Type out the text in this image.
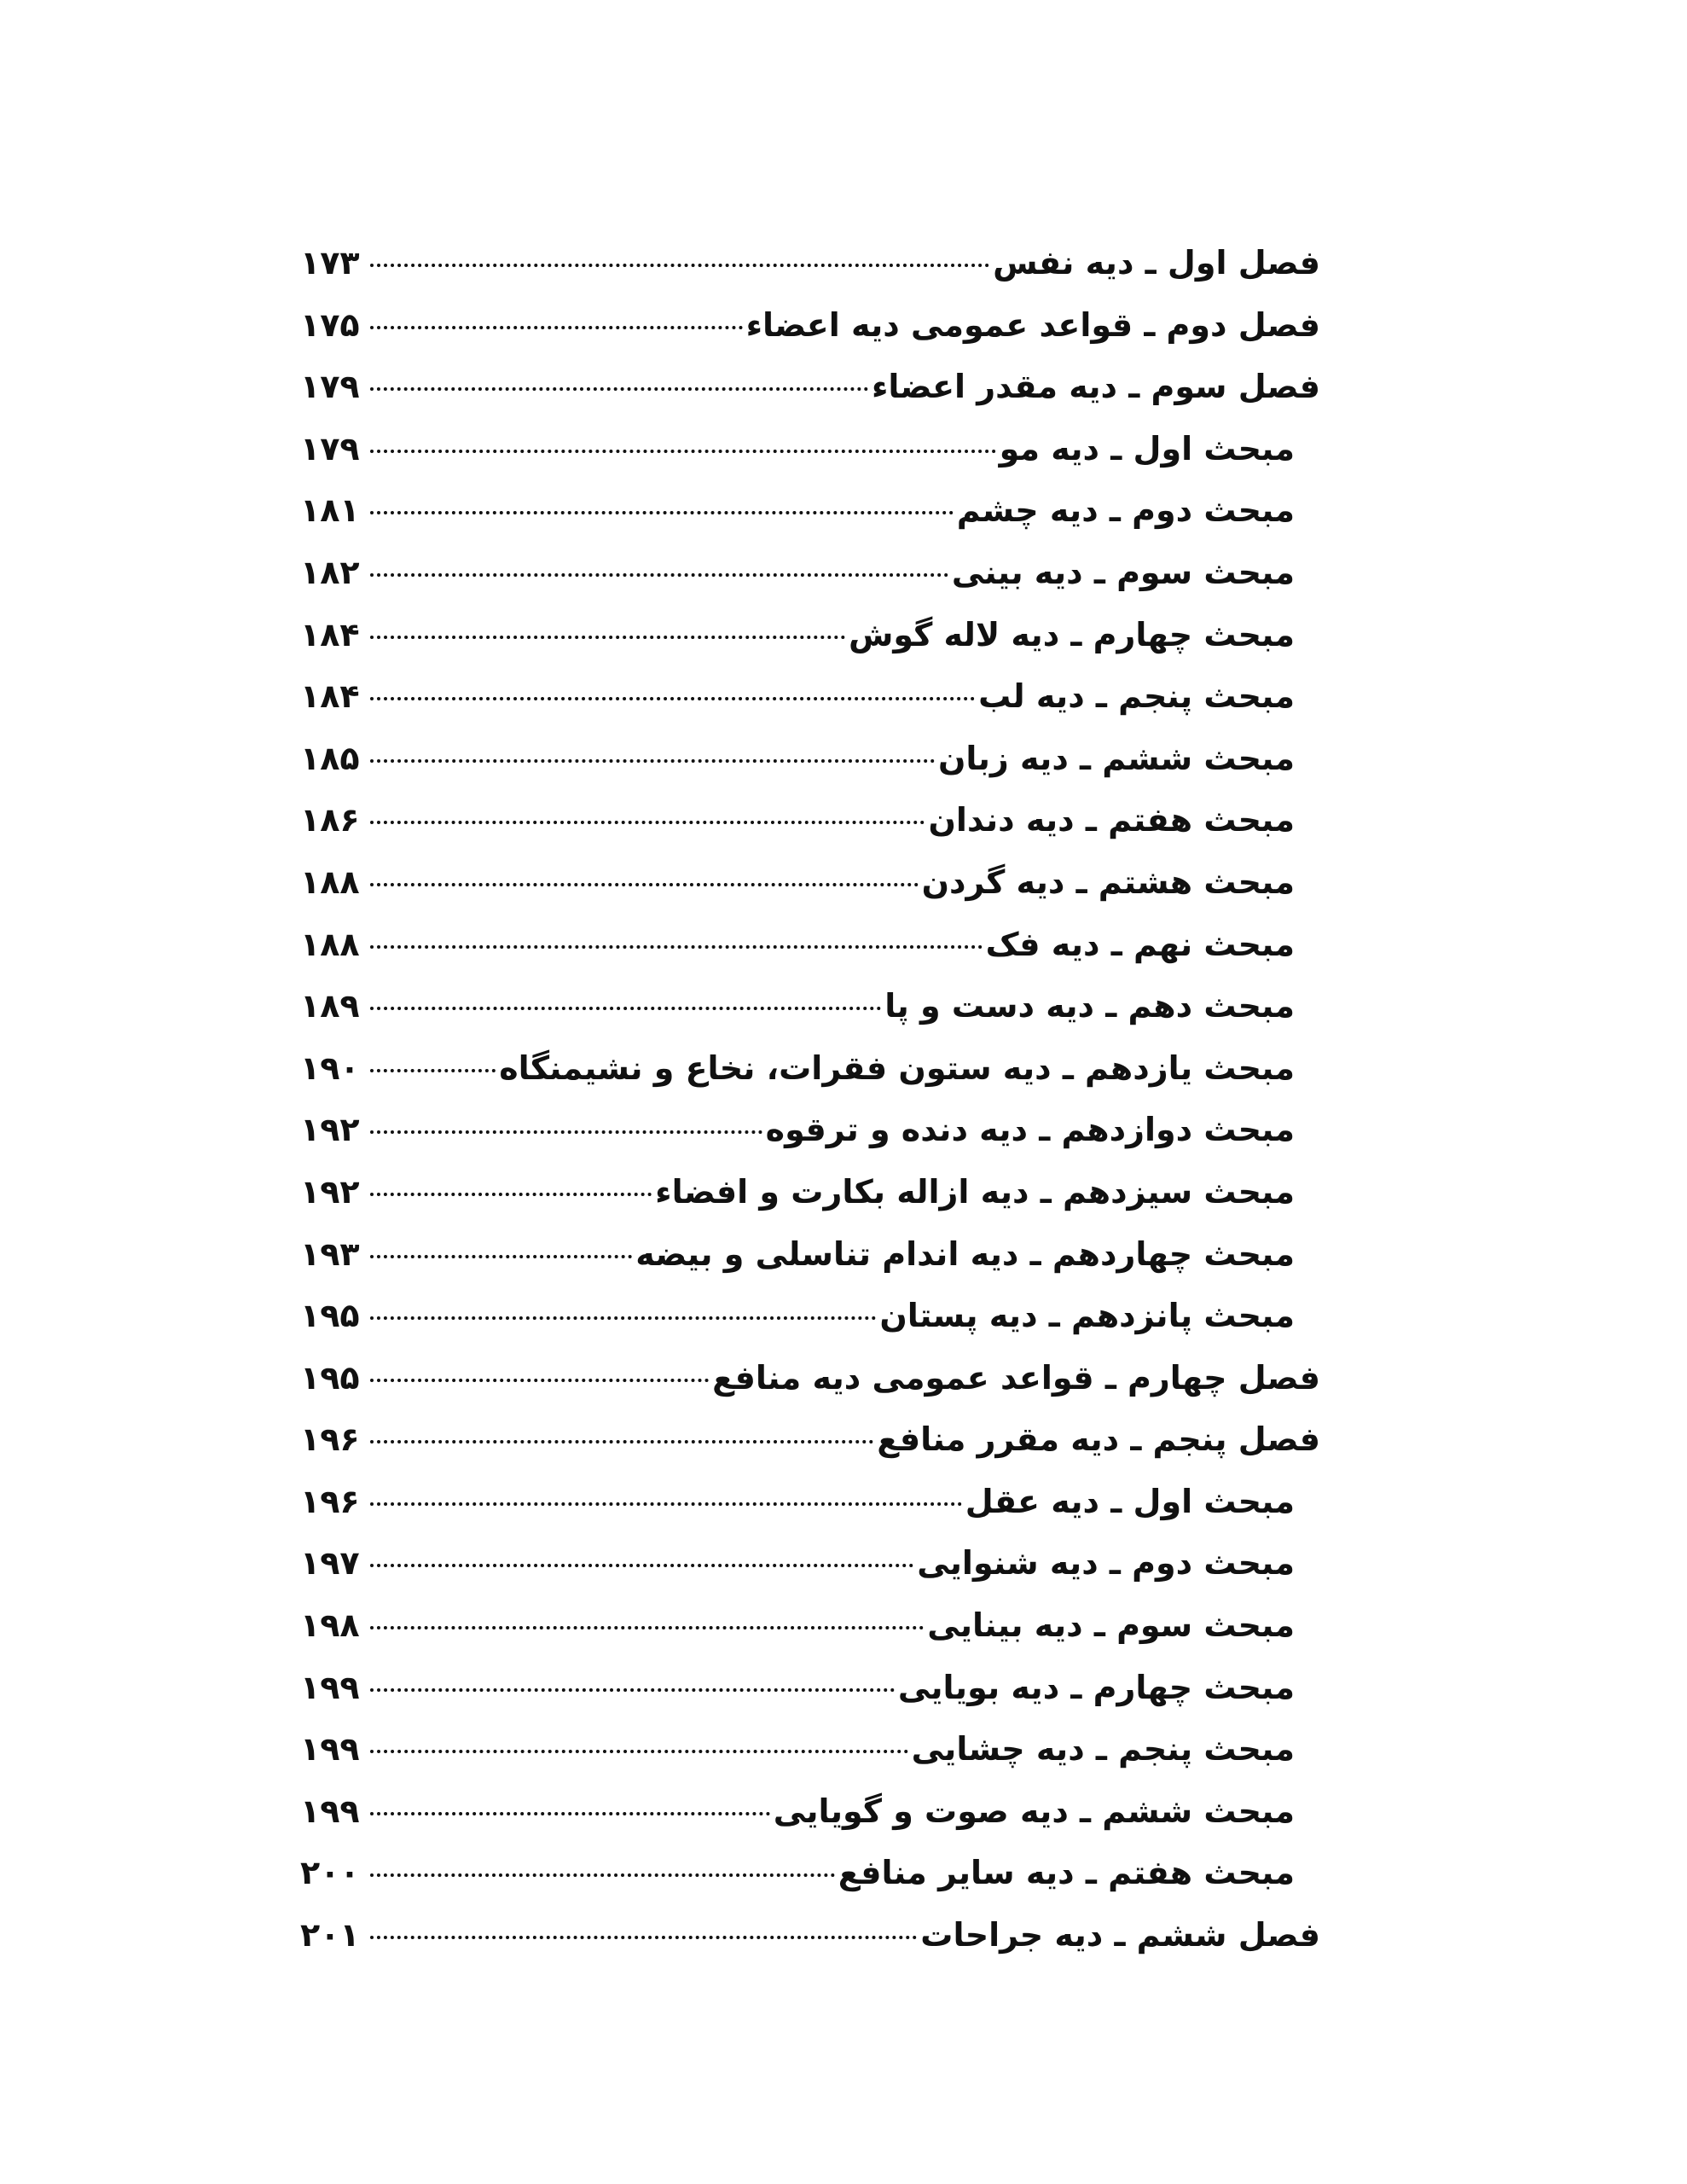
فصل اول ـ دیه نفس
۱۷۳
فصل دوم ـ قواعد عمومی دیه اعضاء
۱۷۵
فصل سوم ـ دیه مقدر اعضاء
۱۷۹
مبحث اول ـ دیه مو
۱۷۹
مبحث دوم ـ دیه چشم
۱۸۱
مبحث سوم ـ دیه بینی
۱۸۲
مبحث چهارم ـ دیه لاله گوش
۱۸۴
مبحث پنجم ـ دیه لب
۱۸۴
مبحث ششم ـ دیه زبان
۱۸۵
مبحث هفتم ـ دیه دندان
۱۸۶
مبحث هشتم ـ دیه گردن
۱۸۸
مبحث نهم ـ دیه فک
۱۸۸
مبحث دهم ـ دیه دست و پا
۱۸۹
مبحث یازدهم ـ دیه ستون فقرات، نخاع و نشیمنگاه
۱۹۰
مبحث دوازدهم ـ دیه دنده و ترقوه
۱۹۲
مبحث سیزدهم ـ دیه ازاله بکارت و افضاء
۱۹۲
مبحث چهاردهم ـ دیه اندام تناسلی و بیضه
۱۹۳
مبحث پانزدهم ـ دیه پستان
۱۹۵
فصل چهارم ـ قواعد عمومی دیه منافع
۱۹۵
فصل پنجم ـ دیه مقرر منافع
۱۹۶
مبحث اول ـ دیه عقل
۱۹۶
مبحث دوم ـ دیه شنوایی
۱۹۷
مبحث سوم ـ دیه بینایی
۱۹۸
مبحث چهارم ـ دیه بویایی
۱۹۹
مبحث پنجم ـ دیه چشایی
۱۹۹
مبحث ششم ـ دیه صوت و گویایی
۱۹۹
مبحث هفتم ـ دیه سایر منافع
۲۰۰
فصل ششم ـ دیه جراحات
۲۰۱
